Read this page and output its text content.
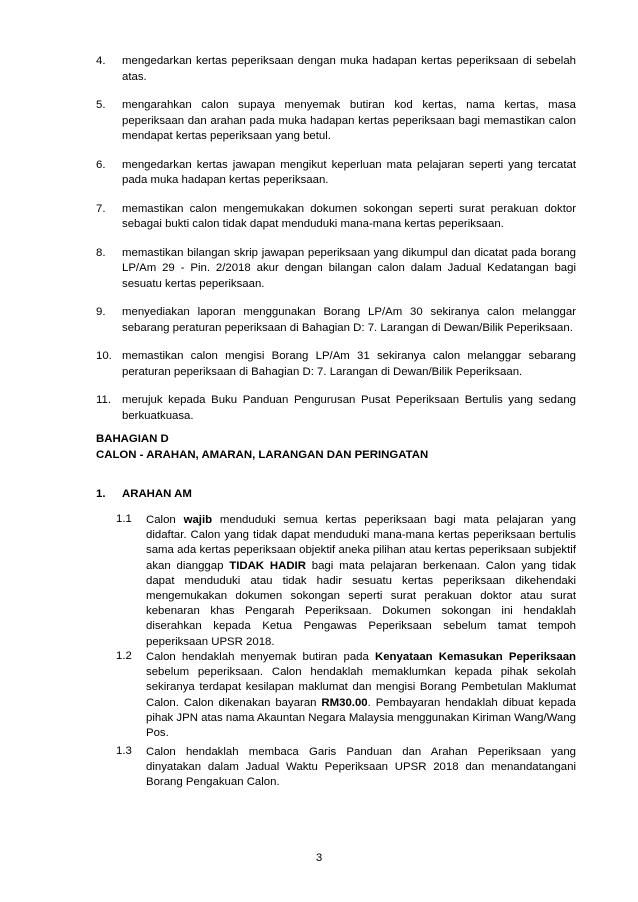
4. mengedarkan kertas peperiksaan dengan muka hadapan kertas peperiksaan di sebelah atas.
5. mengarahkan calon supaya menyemak butiran kod kertas, nama kertas, masa peperiksaan dan arahan pada muka hadapan kertas peperiksaan bagi memastikan calon mendapat kertas peperiksaan yang betul.
6. mengedarkan kertas jawapan mengikut keperluan mata pelajaran seperti yang tercatat pada muka hadapan kertas peperiksaan.
7. memastikan calon mengemukakan dokumen sokongan seperti surat perakuan doktor sebagai bukti calon tidak dapat menduduki mana-mana kertas peperiksaan.
8. memastikan bilangan skrip jawapan peperiksaan yang dikumpul dan dicatat pada borang LP/Am 29 - Pin. 2/2018 akur dengan bilangan calon dalam Jadual Kedatangan bagi sesuatu kertas peperiksaan.
9. menyediakan laporan menggunakan Borang LP/Am 30 sekiranya calon melanggar sebarang peraturan peperiksaan di Bahagian D: 7. Larangan di Dewan/Bilik Peperiksaan.
10. memastikan calon mengisi Borang LP/Am 31 sekiranya calon melanggar sebarang peraturan peperiksaan di Bahagian D: 7. Larangan di Dewan/Bilik Peperiksaan.
11. merujuk kepada Buku Panduan Pengurusan Pusat Peperiksaan Bertulis yang sedang berkuatkuasa.
BAHAGIAN D
CALON - ARAHAN, AMARAN, LARANGAN DAN PERINGATAN
1. ARAHAN AM
1.1 Calon wajib menduduki semua kertas peperiksaan bagi mata pelajaran yang didaftar. Calon yang tidak dapat menduduki mana-mana kertas peperiksaan bertulis sama ada kertas peperiksaan objektif aneka pilihan atau kertas peperiksaan subjektif akan dianggap TIDAK HADIR bagi mata pelajaran berkenaan. Calon yang tidak dapat menduduki atau tidak hadir sesuatu kertas peperiksaan dikehendaki mengemukakan dokumen sokongan seperti surat perakuan doktor atau surat kebenaran khas Pengarah Peperiksaan. Dokumen sokongan ini hendaklah diserahkan kepada Ketua Pengawas Peperiksaan sebelum tamat tempoh peperiksaan UPSR 2018.
1.2 Calon hendaklah menyemak butiran pada Kenyataan Kemasukan Peperiksaan sebelum peperiksaan. Calon hendaklah memaklumkan kepada pihak sekolah sekiranya terdapat kesilapan maklumat dan mengisi Borang Pembetulan Maklumat Calon. Calon dikenakan bayaran RM30.00. Pembayaran hendaklah dibuat kepada pihak JPN atas nama Akauntan Negara Malaysia menggunakan Kiriman Wang/Wang Pos.
1.3 Calon hendaklah membaca Garis Panduan dan Arahan Peperiksaan yang dinyatakan dalam Jadual Waktu Peperiksaan UPSR 2018 dan menandatangani Borang Pengakuan Calon.
3
